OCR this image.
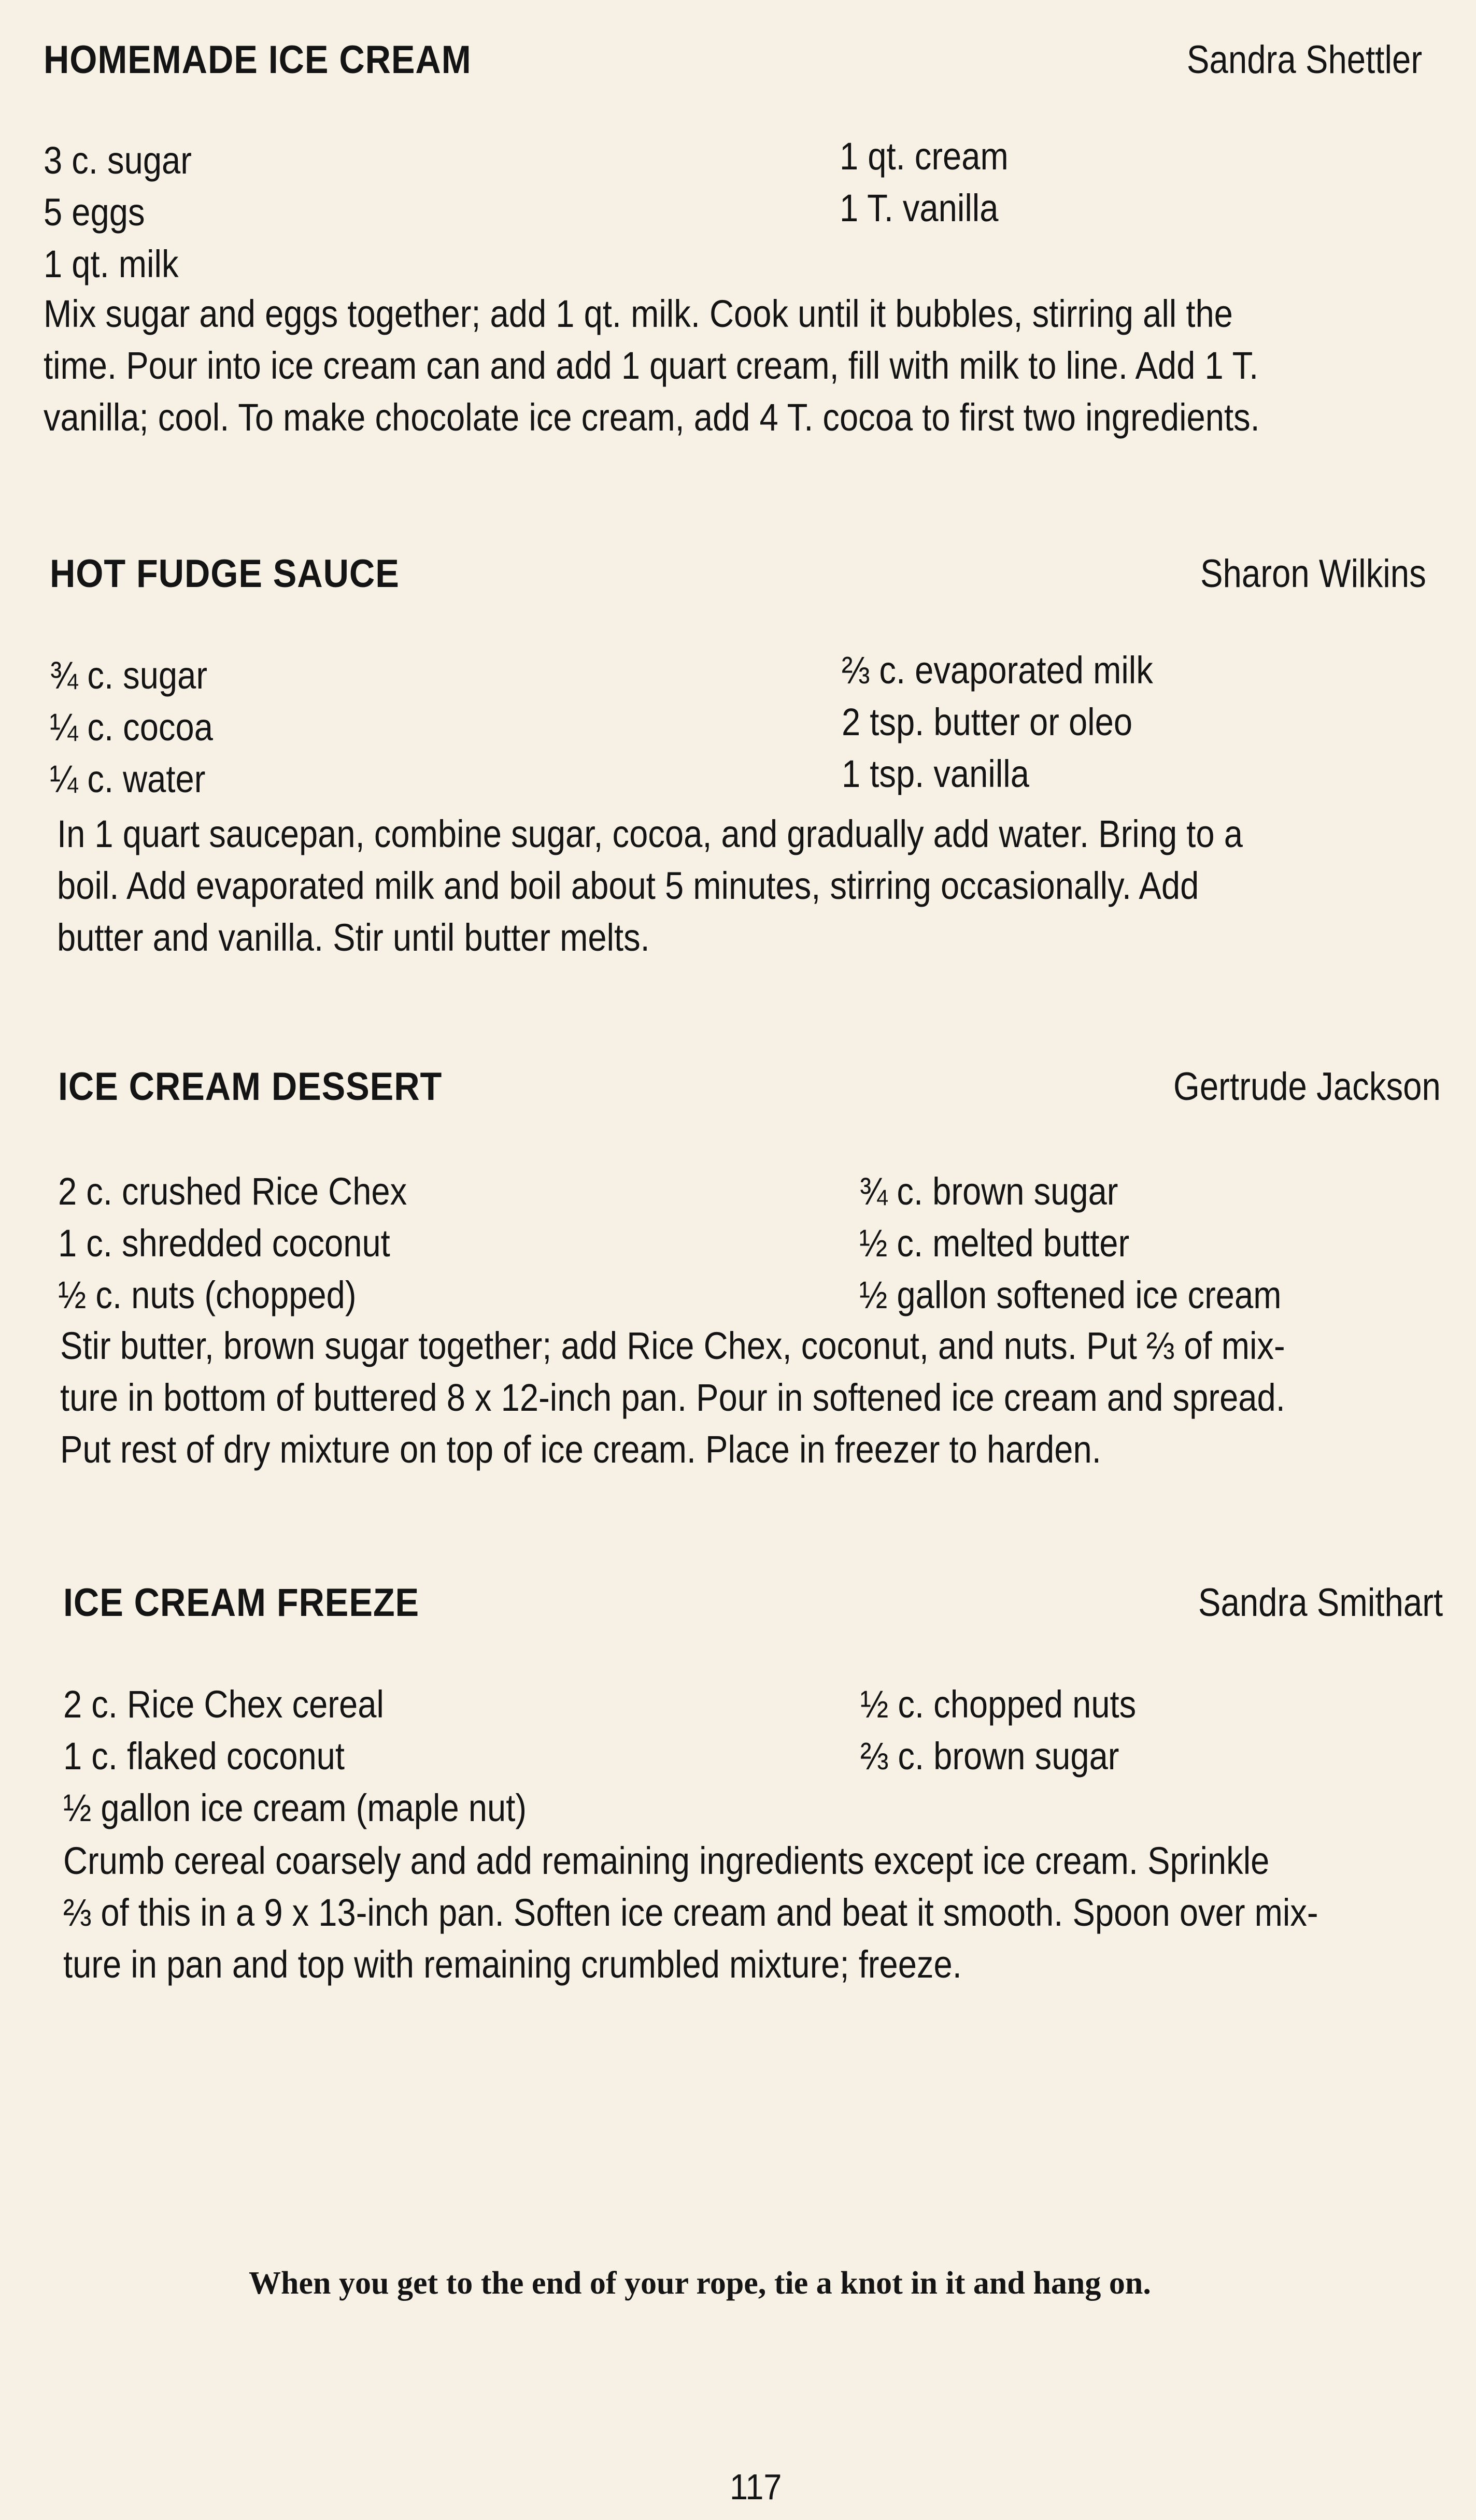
HOMEMADE ICE CREAM	Sandra Shettler
3 c. sugar
5 eggs
1 qt. milk
1 qt. cream
1 T. vanilla
Mix sugar and eggs together; add 1 qt. milk. Cook until it bubbles, stirring all the
time. Pour into ice cream can and add 1 quart cream, fill with milk to line. Add 1 T.
vanilla; cool. To make chocolate ice cream, add 4 T. cocoa to first two ingredients.
HOT FUDGE SAUCE	Sharon Wilkins
¾ c. sugar
¼ c. cocoa
¼ c. water
⅔ c. evaporated milk
2 tsp. butter or oleo
1 tsp. vanilla
In 1 quart saucepan, combine sugar, cocoa, and gradually add water. Bring to a
boil. Add evaporated milk and boil about 5 minutes, stirring occasionally. Add
butter and vanilla. Stir until butter melts.
ICE CREAM DESSERT	Gertrude Jackson
2 c. crushed Rice Chex
1 c. shredded coconut
½ c. nuts (chopped)
¾ c. brown sugar
½ c. melted butter
½ gallon softened ice cream
Stir butter, brown sugar together; add Rice Chex, coconut, and nuts. Put ⅔ of mix-
ture in bottom of buttered 8 x 12-inch pan. Pour in softened ice cream and spread.
Put rest of dry mixture on top of ice cream. Place in freezer to harden.
ICE CREAM FREEZE	Sandra Smithart
2 c. Rice Chex cereal
1 c. flaked coconut
½ gallon ice cream (maple nut)
½ c. chopped nuts
⅔ c. brown sugar
Crumb cereal coarsely and add remaining ingredients except ice cream. Sprinkle
⅔ of this in a 9 x 13-inch pan. Soften ice cream and beat it smooth. Spoon over mix-
ture in pan and top with remaining crumbled mixture; freeze.
When you get to the end of your rope, tie a knot in it and hang on.
117
